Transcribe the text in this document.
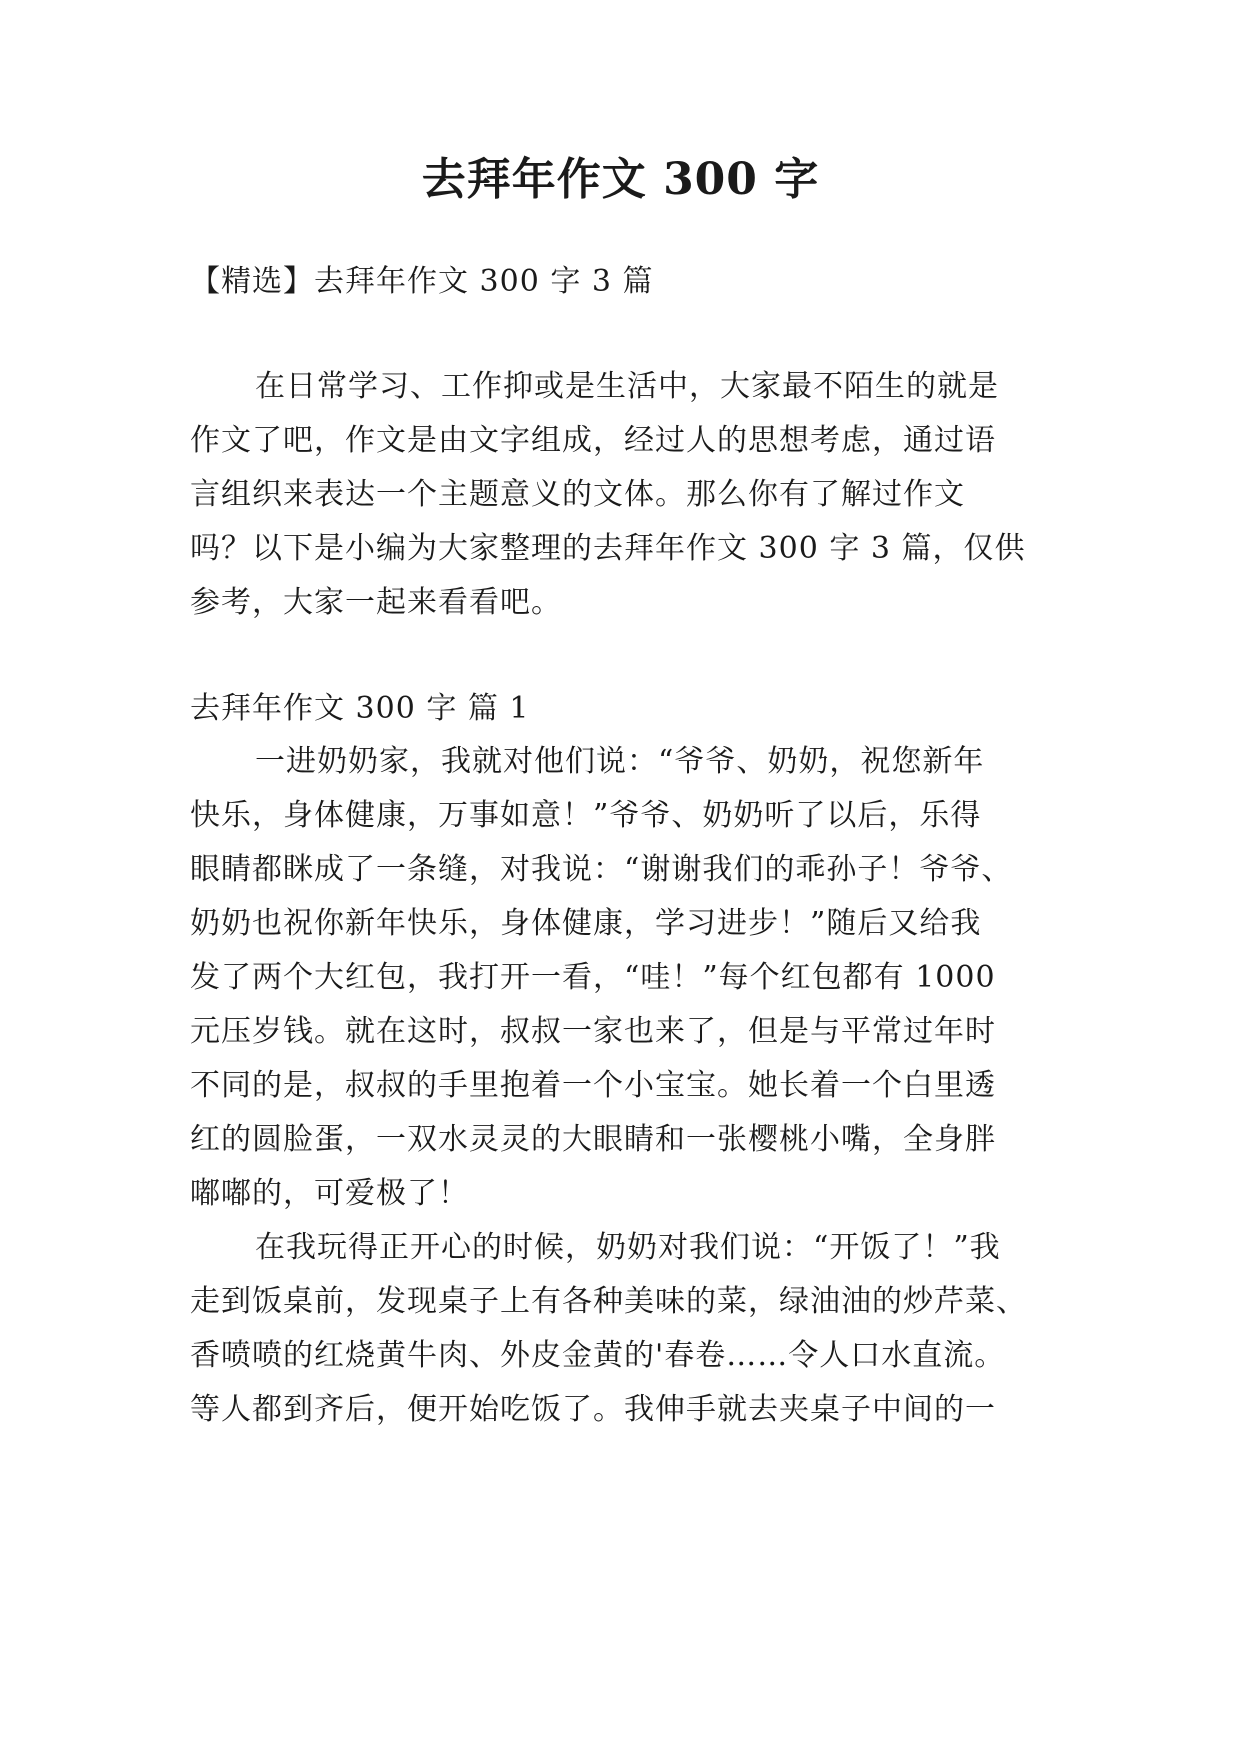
去拜年作文 300 字
【精选】去拜年作文 300 字 3 篇
在日常学习、工作抑或是生活中，大家最不陌生的就是
作文了吧，作文是由文字组成，经过人的思想考虑，通过语
言组织来表达一个主题意义的文体。那么你有了解过作文
吗？以下是小编为大家整理的去拜年作文 300 字 3 篇，仅供
参考，大家一起来看看吧。
去拜年作文 300 字 篇 1
一进奶奶家，我就对他们说：“爷爷、奶奶，祝您新年
快乐，身体健康，万事如意！”爷爷、奶奶听了以后，乐得
眼睛都眯成了一条缝，对我说：“谢谢我们的乖孙子！爷爷、
奶奶也祝你新年快乐，身体健康，学习进步！”随后又给我
发了两个大红包，我打开一看，“哇！”每个红包都有 1000
元压岁钱。就在这时，叔叔一家也来了，但是与平常过年时
不同的是，叔叔的手里抱着一个小宝宝。她长着一个白里透
红的圆脸蛋，一双水灵灵的大眼睛和一张樱桃小嘴，全身胖
嘟嘟的，可爱极了！
在我玩得正开心的时候，奶奶对我们说：“开饭了！”我
走到饭桌前，发现桌子上有各种美味的菜，绿油油的炒芹菜、
香喷喷的红烧黄牛肉、外皮金黄的'春卷……令人口水直流。
等人都到齐后，便开始吃饭了。我伸手就去夹桌子中间的一
